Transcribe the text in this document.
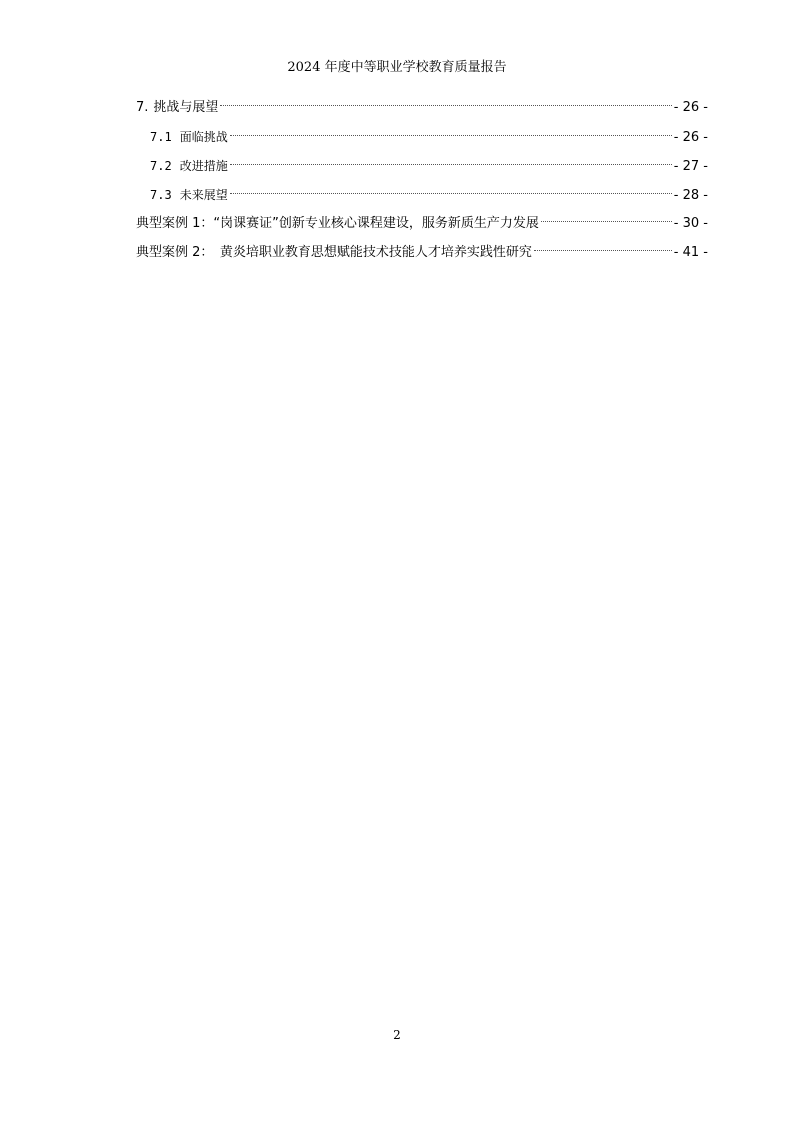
2024 年度中等职业学校教育质量报告
7. 挑战与展望	- 26 -
7.1 面临挑战	- 26 -
7.2 改进措施	- 27 -
7.3 未来展望	- 28 -
典型案例 1：“岗课赛证”创新专业核心课程建设，服务新质生产力发展	- 30 -
典型案例 2：　黄炎培职业教育思想赋能技术技能人才培养实践性研究	- 41 -
2
